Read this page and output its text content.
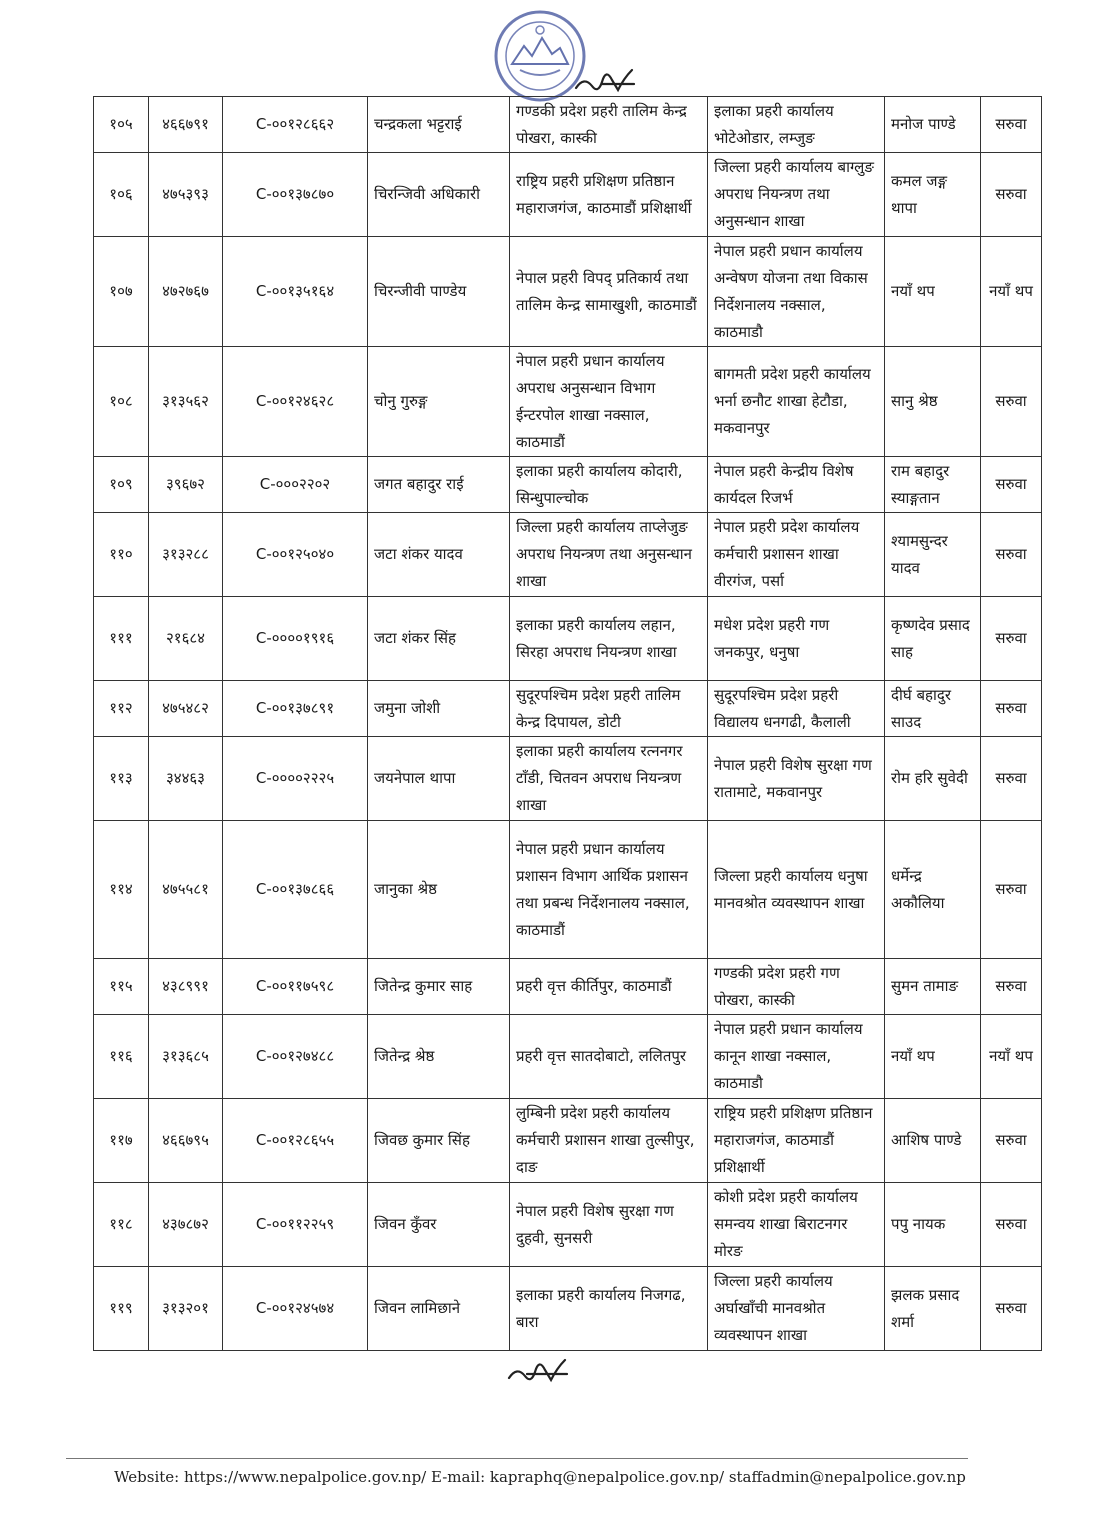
१०५	४६६७९१	C-००१२८६६२	चन्द्रकला भट्टराई	गण्डकी प्रदेश प्रहरी तालिम केन्द्र पोखरा, कास्की	इलाका प्रहरी कार्यालय भोटेओडार, लम्जुङ	मनोज पाण्डे	सरुवा
१०६	४७५३९३	C-००१३७८७०	चिरन्जिवी अधिकारी	राष्ट्रिय प्रहरी प्रशिक्षण प्रतिष्ठान महाराजगंज, काठमाडौं प्रशिक्षार्थी	जिल्ला प्रहरी कार्यालय बाग्लुङ अपराध नियन्त्रण तथा अनुसन्धान शाखा	कमल जङ्ग थापा	सरुवा
१०७	४७२७६७	C-००१३५१६४	चिरन्जीवी पाण्डेय	नेपाल प्रहरी विपद् प्रतिकार्य तथा तालिम केन्द्र सामाखुशी, काठमाडौं	नेपाल प्रहरी प्रधान कार्यालय अन्वेषण योजना तथा विकास निर्देशनालय नक्साल, काठमाडौ	नयाँ थप	नयाँ थप
१०८	३१३५६२	C-००१२४६२८	चोनु गुरुङ्ग	नेपाल प्रहरी प्रधान कार्यालय अपराध अनुसन्धान विभाग ईन्टरपोल शाखा नक्साल, काठमाडौं	बागमती प्रदेश प्रहरी कार्यालय भर्ना छनौट शाखा हेटौडा, मकवानपुर	सानु श्रेष्ठ	सरुवा
१०९	३९६७२	C-०००२२०२	जगत बहादुर राई	इलाका प्रहरी कार्यालय कोदारी, सिन्धुपाल्चोक	नेपाल प्रहरी केन्द्रीय विशेष कार्यदल रिजर्भ	राम बहादुर स्याङ्गतान	सरुवा
११०	३१३२८८	C-००१२५०४०	जटा शंकर यादव	जिल्ला प्रहरी कार्यालय ताप्लेजुङ अपराध नियन्त्रण तथा अनुसन्धान शाखा	नेपाल प्रहरी प्रदेश कार्यालय कर्मचारी प्रशासन शाखा वीरगंज, पर्सा	श्यामसुन्दर यादव	सरुवा
१११	२१६८४	C-००००१९१६	जटा शंकर सिंह	इलाका प्रहरी कार्यालय लहान, सिरहा अपराध नियन्त्रण शाखा	मधेश प्रदेश प्रहरी गण जनकपुर, धनुषा	कृष्णदेव प्रसाद साह	सरुवा
११२	४७५४८२	C-००१३७८९१	जमुना जोशी	सुदूरपश्चिम प्रदेश प्रहरी तालिम केन्द्र दिपायल, डोटी	सुदूरपश्चिम प्रदेश प्रहरी विद्यालय धनगढी, कैलाली	दीर्घ बहादुर साउद	सरुवा
११३	३४४६३	C-००००२२२५	जयनेपाल थापा	इलाका प्रहरी कार्यालय रत्ननगर टाँडी, चितवन अपराध नियन्त्रण शाखा	नेपाल प्रहरी विशेष सुरक्षा गण रातामाटे, मकवानपुर	रोम हरि सुवेदी	सरुवा
११४	४७५५८१	C-००१३७८६६	जानुका श्रेष्ठ	नेपाल प्रहरी प्रधान कार्यालय प्रशासन विभाग आर्थिक प्रशासन तथा प्रबन्ध निर्देशनालय नक्साल, काठमाडौं	जिल्ला प्रहरी कार्यालय धनुषा मानवश्रोत व्यवस्थापन शाखा	धर्मेन्द्र अकौलिया	सरुवा
११५	४३८९९१	C-००११७५९८	जितेन्द्र कुमार साह	प्रहरी वृत्त कीर्तिपुर, काठमाडौं	गण्डकी प्रदेश प्रहरी गण पोखरा, कास्की	सुमन तामाङ	सरुवा
११६	३१३६८५	C-००१२७४८८	जितेन्द्र श्रेष्ठ	प्रहरी वृत्त सातदोबाटो, ललितपुर	नेपाल प्रहरी प्रधान कार्यालय कानून शाखा नक्साल, काठमाडौ	नयाँ थप	नयाँ थप
११७	४६६७९५	C-००१२८६५५	जिवछ कुमार सिंह	लुम्बिनी प्रदेश प्रहरी कार्यालय कर्मचारी प्रशासन शाखा तुल्सीपुर, दाङ	राष्ट्रिय प्रहरी प्रशिक्षण प्रतिष्ठान महाराजगंज, काठमाडौं प्रशिक्षार्थी	आशिष पाण्डे	सरुवा
११८	४३७८७२	C-००११२२५९	जिवन कुँवर	नेपाल प्रहरी विशेष सुरक्षा गण दुहवी, सुनसरी	कोशी प्रदेश प्रहरी कार्यालय समन्वय शाखा बिराटनगर मोरङ	पपु नायक	सरुवा
११९	३१३२०१	C-००१२४५७४	जिवन लामिछाने	इलाका प्रहरी कार्यालय निजगढ, बारा	जिल्ला प्रहरी कार्यालय अर्घाखाँची मानवश्रोत व्यवस्थापन शाखा	झलक प्रसाद शर्मा	सरुवा
Website: https://www.nepalpolice.gov.np/ E-mail: kapraphq@nepalpolice.gov.np/ staffadmin@nepalpolice.gov.np
